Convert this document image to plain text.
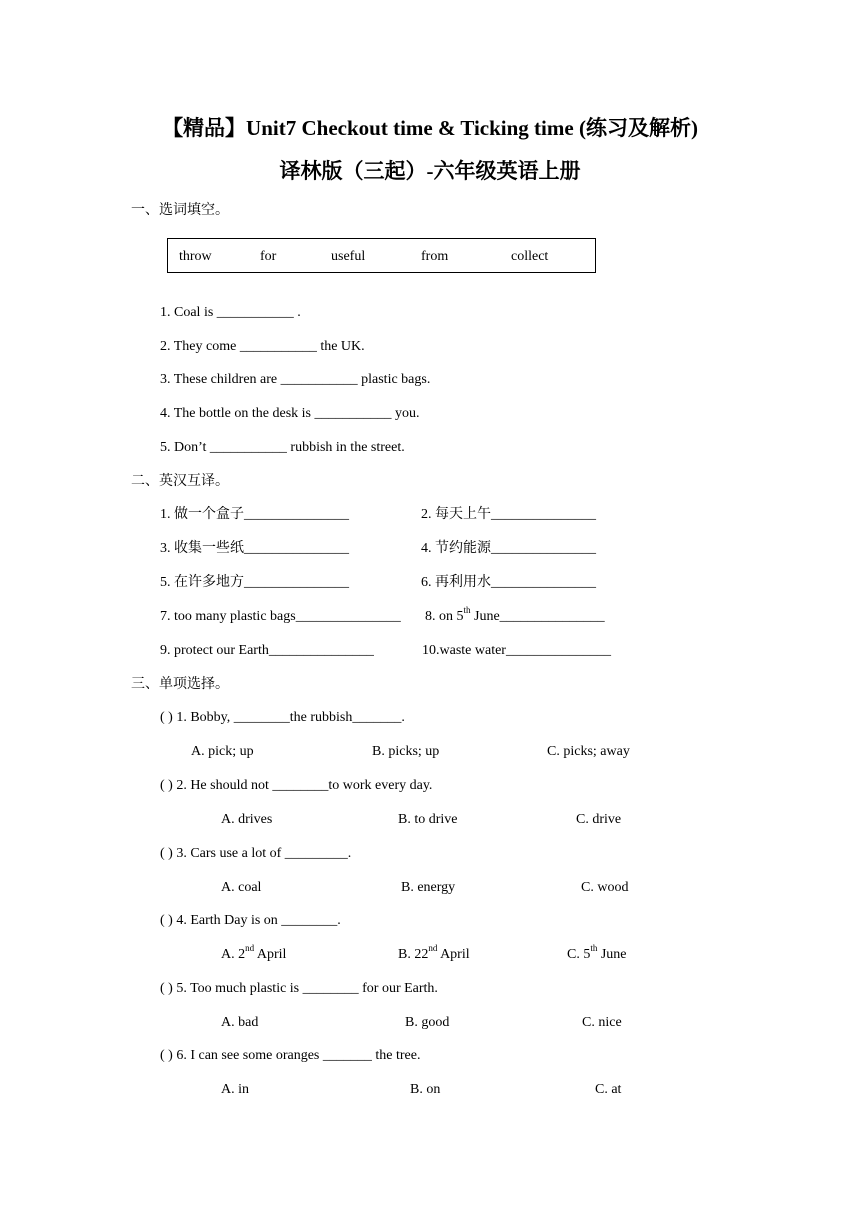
【精品】Unit7 Checkout time & Ticking time (练习及解析)
译林版（三起）-六年级英语上册
一、选词填空。
throw	for	useful	from	collect
1. Coal is ___________ .
2. They come ___________ the UK.
3. These children are ___________ plastic bags.
4. The bottle on the desk is ___________ you.
5. Don’t ___________ rubbish in the street.
二、英汉互译。
1. 做一个盒子_______________	2. 每天上午_______________
3. 收集一些纸_______________	4. 节约能源_______________
5. 在许多地方_______________	6. 再利用水_______________
7. too many plastic bags_______________ 8. on 5th June_______________
9. protect our Earth_______________	10.waste water_______________
三、单项选择。
( ) 1. Bobby, ________the rubbish_______.
A. pick; up	B. picks; up	C. picks; away
( ) 2. He should not ________to work every day.
A. drives	B. to drive	C. drive
( ) 3. Cars use a lot of _________.
A. coal	B. energy	C. wood
( ) 4. Earth Day is on ________.
A. 2nd April	B. 22nd April	C. 5th June
( ) 5. Too much plastic is ________ for our Earth.
A. bad	B. good	C. nice
( ) 6. I can see some oranges _______ the tree.
A. in	B. on	C. at
